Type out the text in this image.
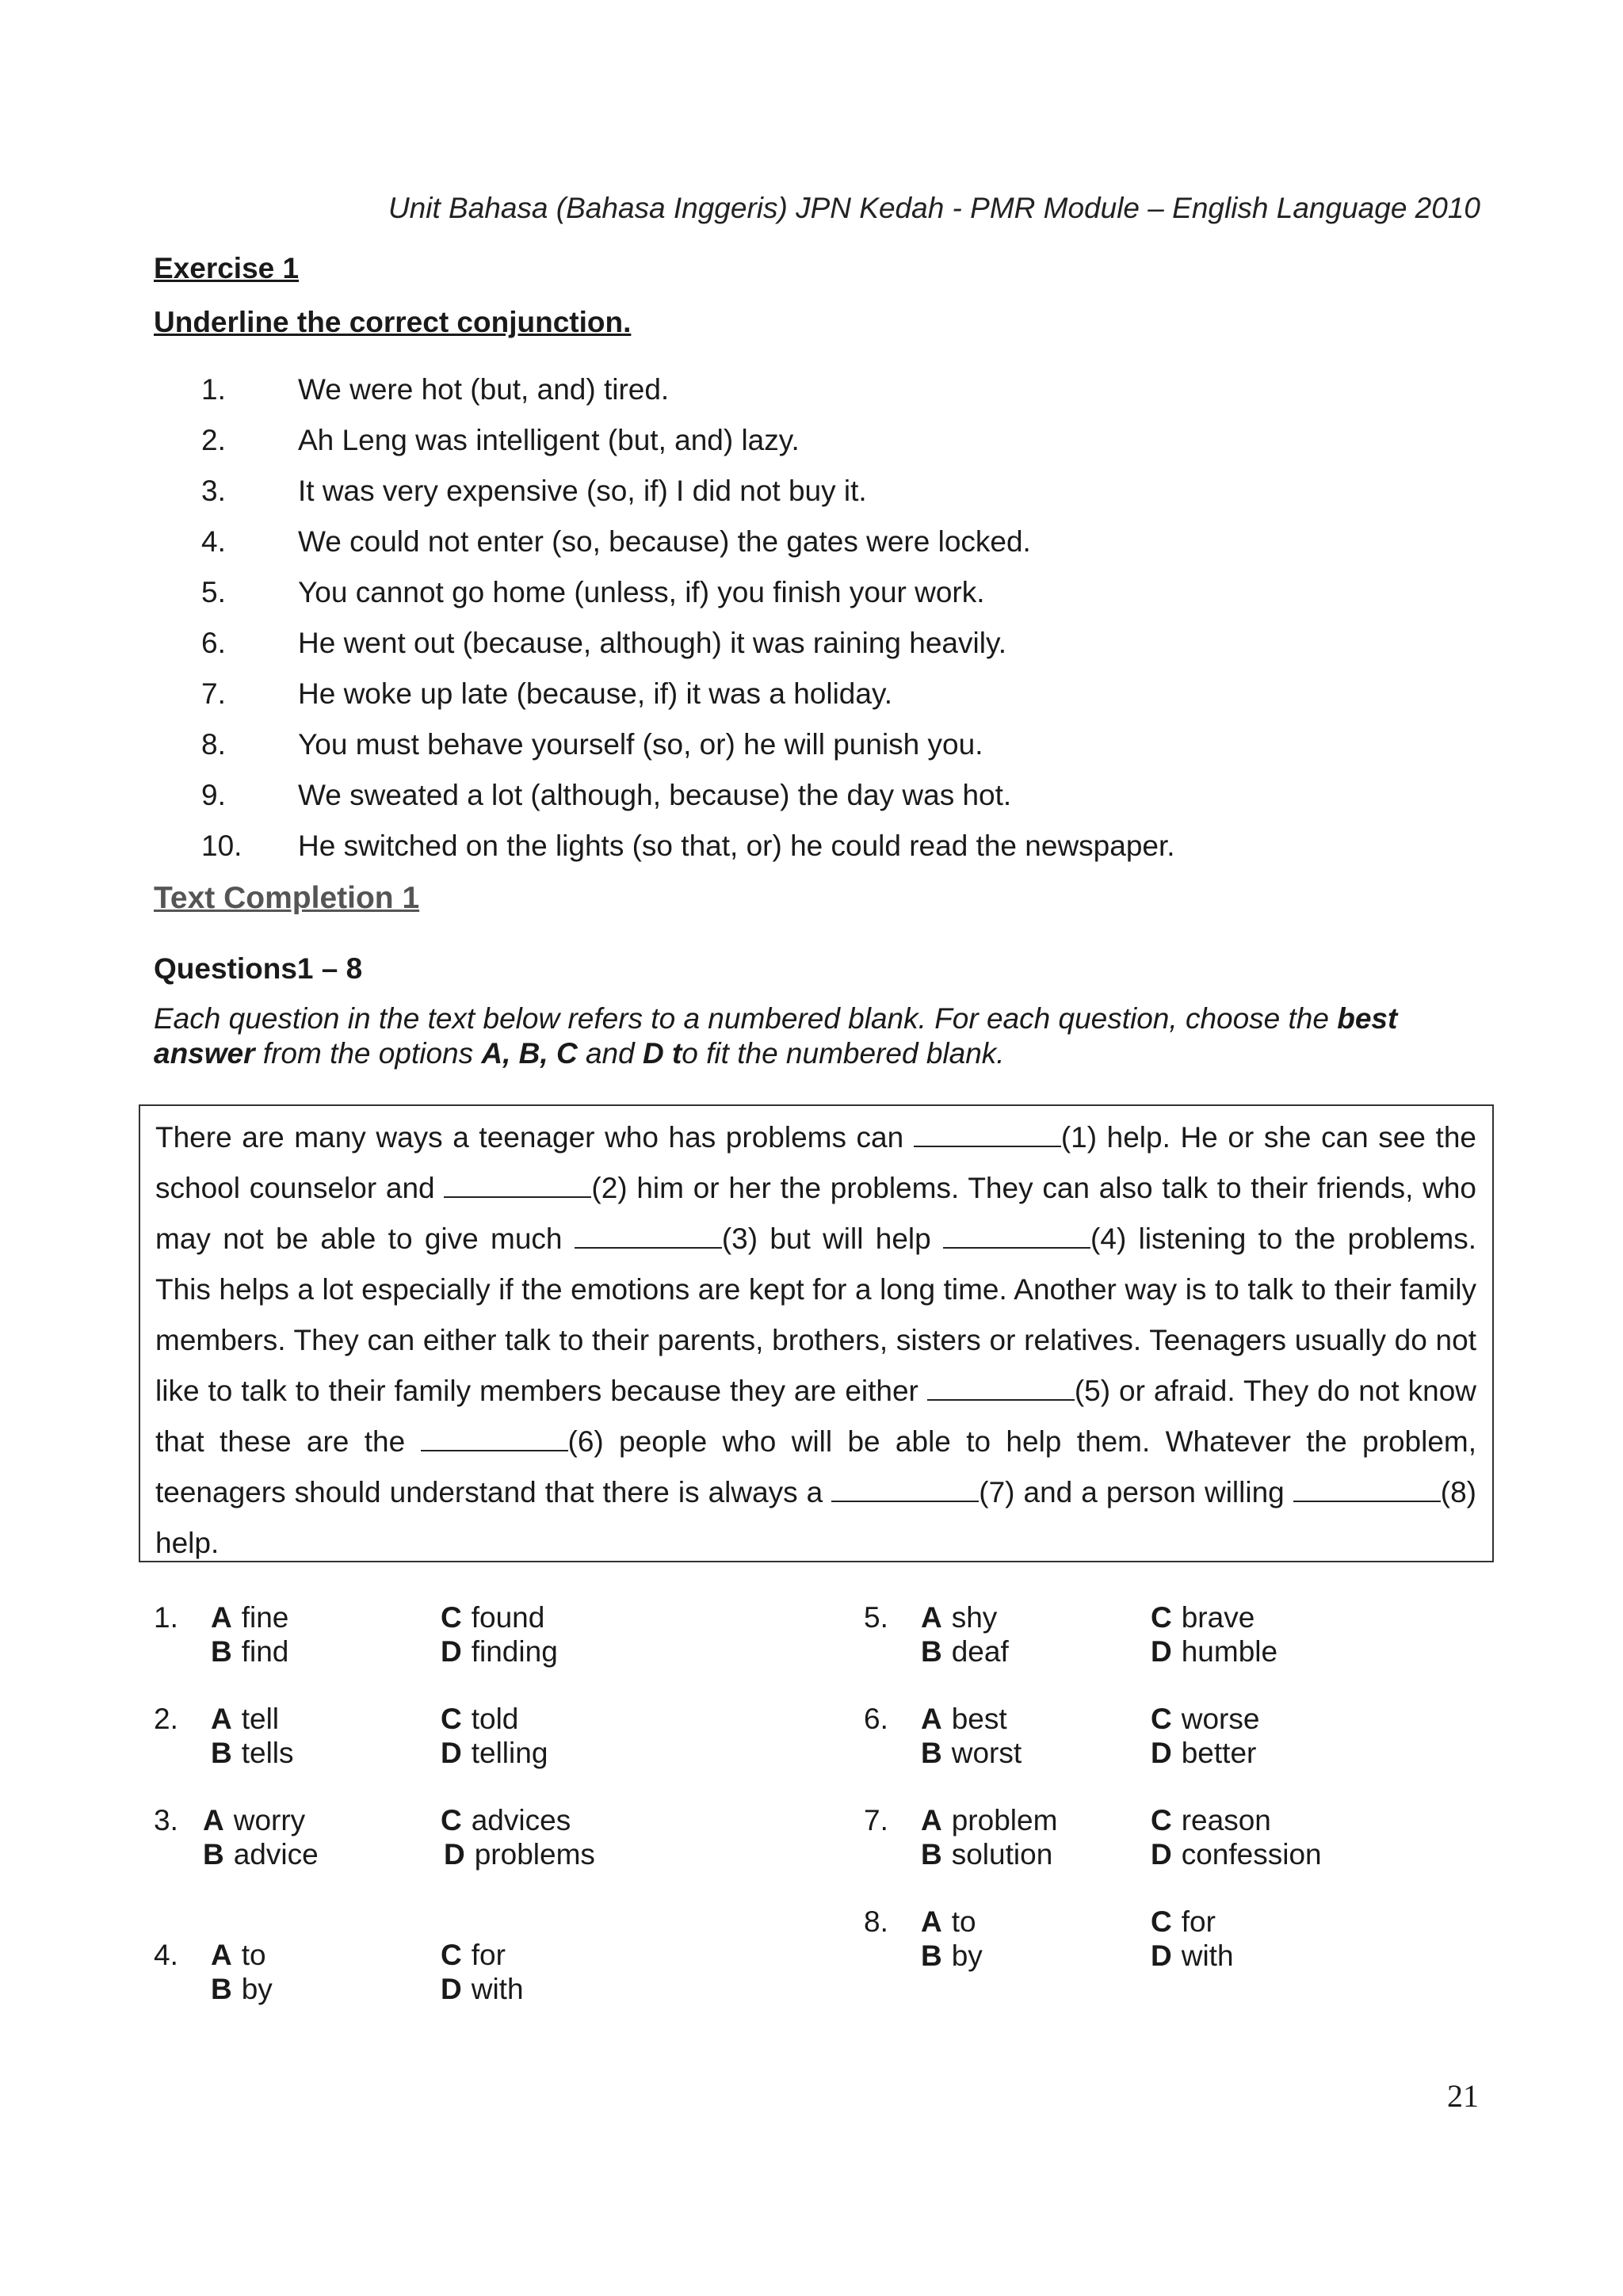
Unit Bahasa (Bahasa Inggeris) JPN Kedah - PMR Module – English Language 2010
Exercise 1
Underline the correct conjunction.
1.	We were hot (but, and) tired.
2.	Ah Leng was intelligent (but, and) lazy.
3.	It was very expensive (so, if) I did not buy it.
4.	We could not enter (so, because) the gates were locked.
5.	You cannot go home (unless, if) you finish your work.
6.	He went out (because, although) it was raining heavily.
7.	He woke up late (because, if) it was a holiday.
8.	You must behave yourself (so, or) he will punish you.
9.	We sweated a lot (although, because) the day was hot.
10.	He switched on the lights (so that, or) he could read the newspaper.
Text Completion 1
Questions1 – 8
Each question in the text below refers to a numbered blank. For each question, choose the best answer from the options A, B, C and D to fit the numbered blank.

There are many ways a teenager who has problems can	(1) help. He or she can see the school counselor and	(2) him or her the problems. They can also talk to their friends, who may not be able to give much	(3) but will help	(4) listening to the problems. This helps a lot especially if the emotions are kept for a long time. Another way is to talk to their family members. They can either talk to their parents, brothers, sisters or relatives. Teenagers usually do not like to talk to their family members because they are either	(5) or afraid. They do not know that these are the	(6) people who will be able to help them. Whatever the problem, teenagers should understand that there is always a	(7) and a person willing	(8) help.

1. A fine
B find
C found
D finding
2. A tell
B tells
C told
D telling
3. A worry
B advice
C advices
D problems
4. A to
B by
C for
D with
5. A shy
B deaf
C brave
D humble
6. A best
B worst
C worse
D better
7. A problem
B solution
C reason
D confession
8. A to
B by
C for
D with
21
